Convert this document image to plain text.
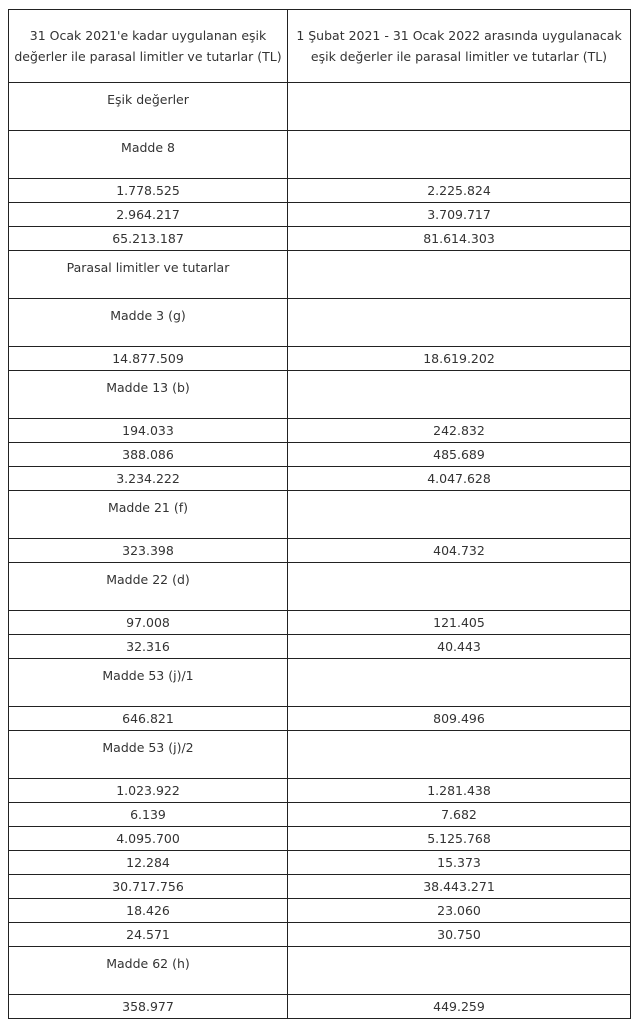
31 Ocak 2021'e kadar uygulanan eşik değerler ile parasal limitler ve tutarlar (TL)	1 Şubat 2021 - 31 Ocak 2022 arasında uygulanacak eşik değerler ile parasal limitler ve tutarlar (TL)
Eşik değerler	
Madde 8	
1.778.525	2.225.824
2.964.217	3.709.717
65.213.187	81.614.303
Parasal limitler ve tutarlar	
Madde 3 (g)	
14.877.509	18.619.202
Madde 13 (b)	
194.033	242.832
388.086	485.689
3.234.222	4.047.628
Madde 21 (f)	
323.398	404.732
Madde 22 (d)	
97.008	121.405
32.316	40.443
Madde 53 (j)/1	
646.821	809.496
Madde 53 (j)/2	
1.023.922	1.281.438
6.139	7.682
4.095.700	5.125.768
12.284	15.373
30.717.756	38.443.271
18.426	23.060
24.571	30.750
Madde 62 (h)	
358.977	449.259
